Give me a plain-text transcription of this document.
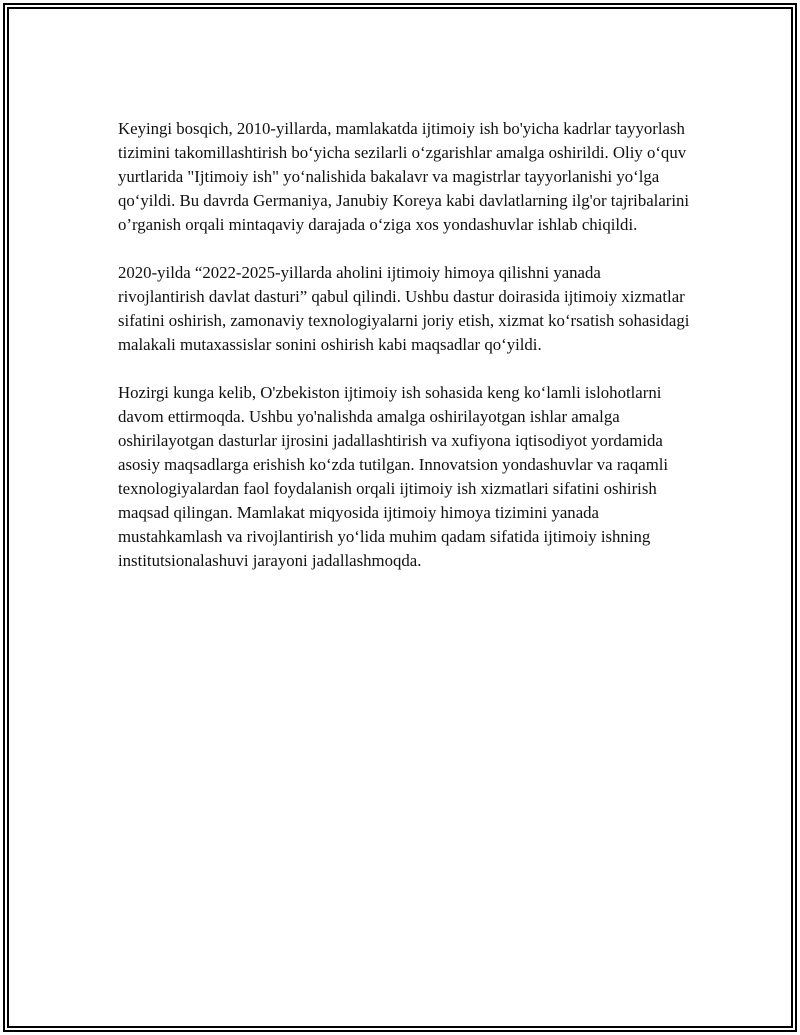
Keyingi bosqich, 2010-yillarda, mamlakatda ijtimoiy ish bo'yicha kadrlar tayyorlash tizimini takomillashtirish bo‘yicha sezilarli o‘zgarishlar amalga oshirildi. Oliy o‘quv yurtlarida "Ijtimoiy ish" yo‘nalishida bakalavr va magistrlar tayyorlanishi yo‘lga qo‘yildi. Bu davrda Germaniya, Janubiy Koreya kabi davlatlarning ilg'or tajribalarini o’rganish orqali mintaqaviy darajada o‘ziga xos yondashuvlar ishlab chiqildi.

2020-yilda “2022-2025-yillarda aholini ijtimoiy himoya qilishni yanada rivojlantirish davlat dasturi” qabul qilindi. Ushbu dastur doirasida ijtimoiy xizmatlar sifatini oshirish, zamonaviy texnologiyalarni joriy etish, xizmat ko‘rsatish sohasidagi malakali mutaxassislar sonini oshirish kabi maqsadlar qo‘yildi.

Hozirgi kunga kelib, O'zbekiston ijtimoiy ish sohasida keng ko‘lamli islohotlarni davom ettirmoqda. Ushbu yo'nalishda amalga oshirilayotgan ishlar amalga oshirilayotgan dasturlar ijrosini jadallashtirish va xufiyona iqtisodiyot yordamida asosiy maqsadlarga erishish ko‘zda tutilgan. Innovatsion yondashuvlar va raqamli texnologiyalardan faol foydalanish orqali ijtimoiy ish xizmatlari sifatini oshirish maqsad qilingan. Mamlakat miqyosida ijtimoiy himoya tizimini yanada mustahkamlash va rivojlantirish yo‘lida muhim qadam sifatida ijtimoiy ishning institutsionalashuvi jarayoni jadallashmoqda.
